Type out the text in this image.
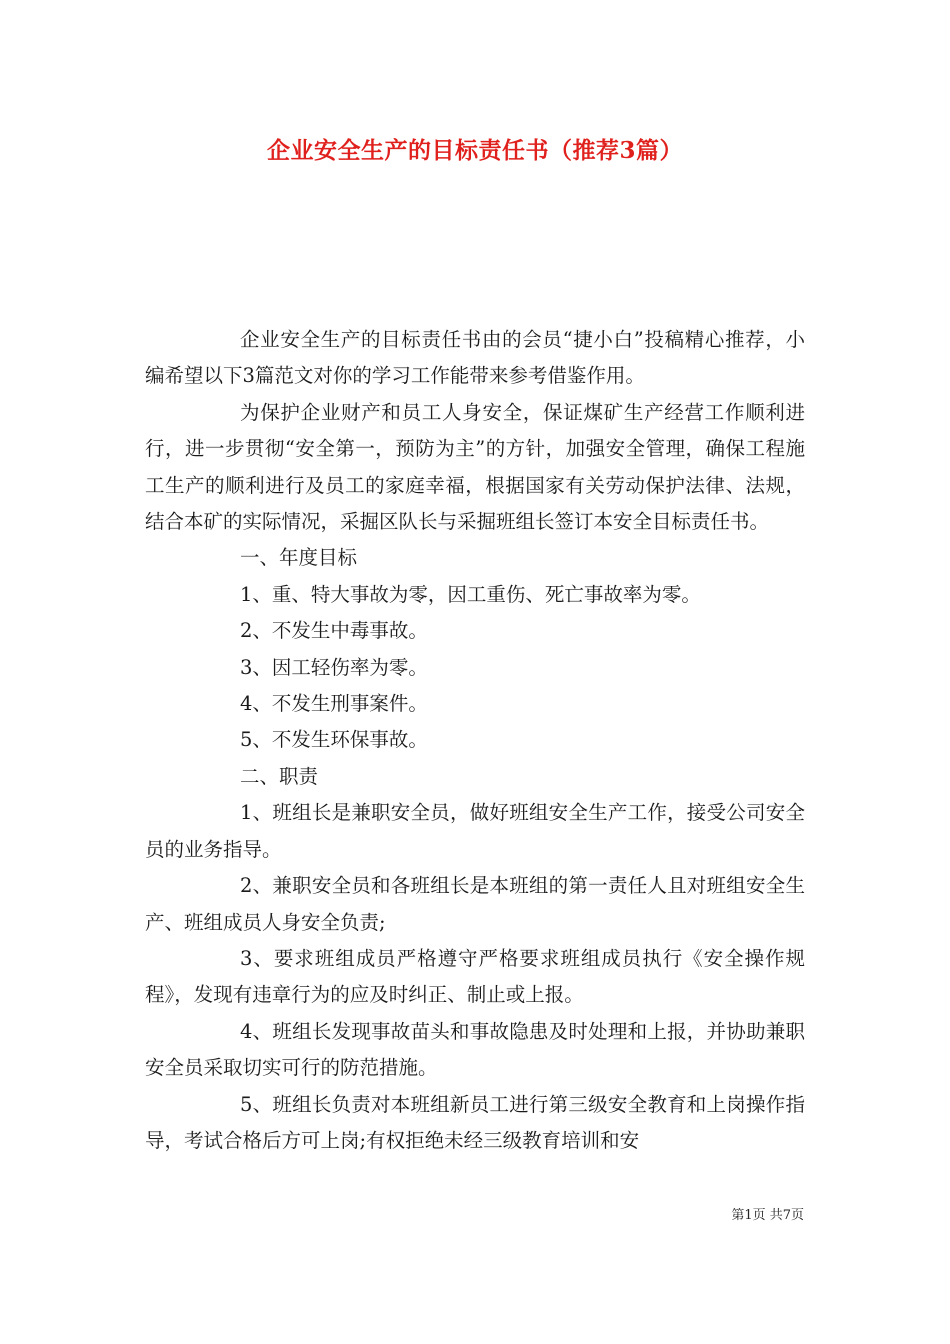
企业安全生产的目标责任书（推荐3篇）

企业安全生产的目标责任书由的会员“捷小白”投稿精心推荐，小编希望以下3篇范文对你的学习工作能带来参考借鉴作用。

为保护企业财产和员工人身安全，保证煤矿生产经营工作顺利进行，进一步贯彻“安全第一，预防为主”的方针，加强安全管理，确保工程施工生产的顺利进行及员工的家庭幸福，根据国家有关劳动保护法律、法规，结合本矿的实际情况，采掘区队长与采掘班组长签订本安全目标责任书。

一、年度目标

1、重、特大事故为零，因工重伤、死亡事故率为零。

2、不发生中毒事故。

3、因工轻伤率为零。

4、不发生刑事案件。

5、不发生环保事故。

二、职责

1、班组长是兼职安全员，做好班组安全生产工作，接受公司安全员的业务指导。

2、兼职安全员和各班组长是本班组的第一责任人且对班组安全生产、班组成员人身安全负责;

3、要求班组成员严格遵守严格要求班组成员执行《安全操作规程》，发现有违章行为的应及时纠正、制止或上报。

4、班组长发现事故苗头和事故隐患及时处理和上报，并协助兼职安全员采取切实可行的防范措施。

5、班组长负责对本班组新员工进行第三级安全教育和上岗操作指导，考试合格后方可上岗;有权拒绝未经三级教育培训和安

第1页 共7页
